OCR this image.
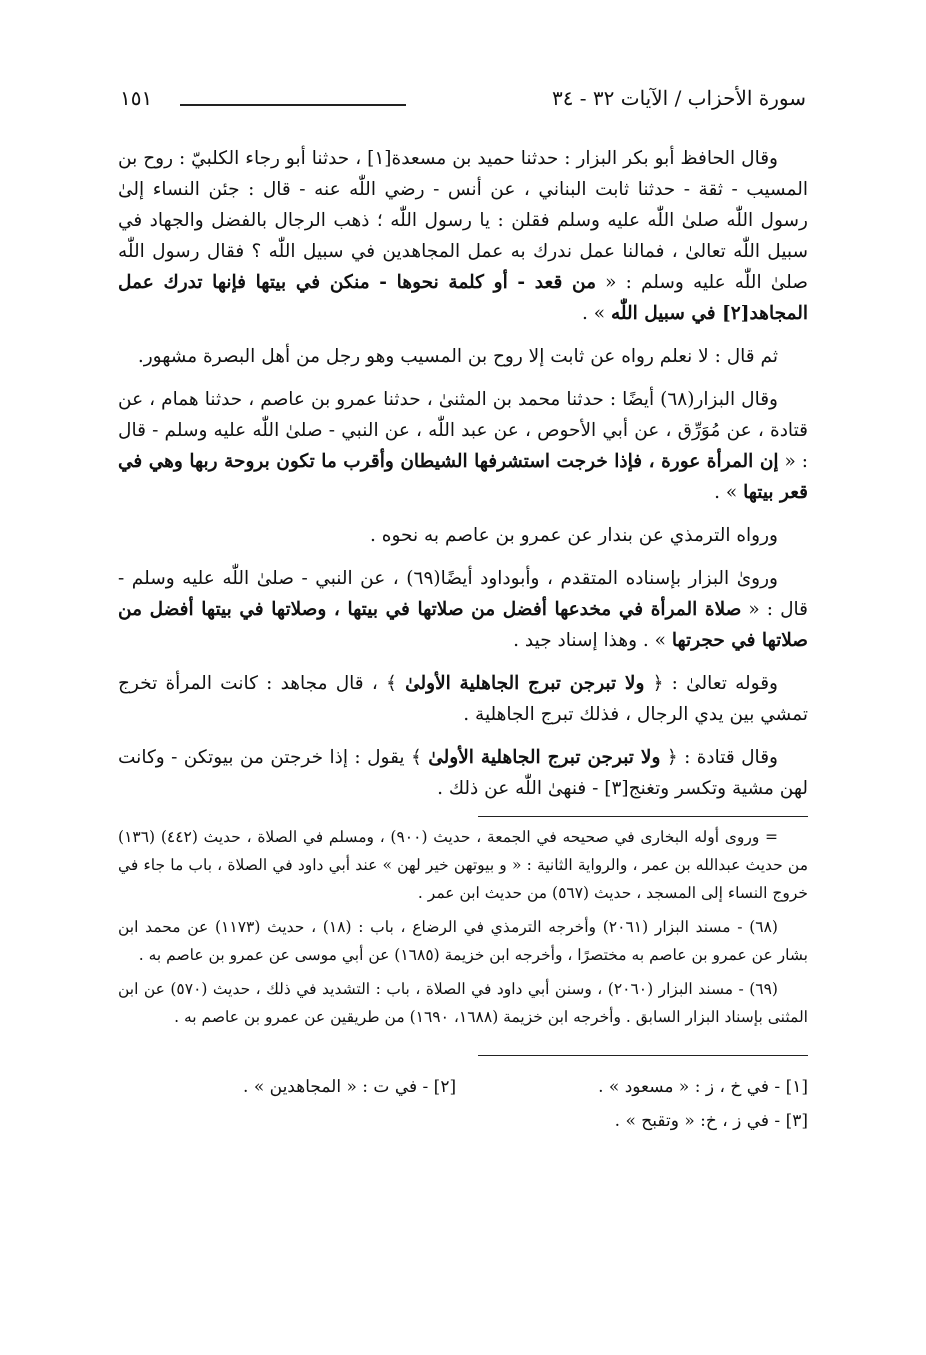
سورة الأحزاب / الآيات ٣٢ - ٣٤
١٥١

وقال الحافظ أبو بكر البزار : حدثنا حميد بن مسعدة[١] ، حدثنا أبو رجاء الكلبيّ : روح بن المسيب - ثقة - حدثنا ثابت البناني ، عن أنس - رضي اللّٰه عنه - قال : جئن النساء إلىٰ رسول اللّٰه صلىٰ اللّٰه عليه وسلم فقلن : يا رسول اللّٰه ؛ ذهب الرجال بالفضل والجهاد في سبيل اللّٰه تعالىٰ ، فمالنا عمل ندرك به عمل المجاهدين في سبيل اللّٰه ؟ فقال رسول اللّٰه صلىٰ اللّٰه عليه وسلم : « من قعد - أو كلمة نحوها - منكن في بيتها فإنها تدرك عمل المجاهد[٢] في سبيل اللّٰه » .

ثم قال : لا نعلم رواه عن ثابت إلا روح بن المسيب وهو رجل من أهل البصرة مشهور.

وقال البزار(٦٨) أيضًا : حدثنا محمد بن المثنىٰ ، حدثنا عمرو بن عاصم ، حدثنا همام ، عن قتادة ، عن مُوَرِّق ، عن أبي الأحوص ، عن عبد اللّٰه ، عن النبي - صلىٰ اللّٰه عليه وسلم - قال : « إن المرأة عورة ، فإذا خرجت استشرفها الشيطان وأقرب ما تكون بروحة ربها وهي في قعر بيتها » .

ورواه الترمذي عن بندار عن عمرو بن عاصم به نحوه .

وروىٰ البزار بإسناده المتقدم ، وأبوداود أيضًا(٦٩) ، عن النبي - صلىٰ اللّٰه عليه وسلم - قال : « صلاة المرأة في مخدعها أفضل من صلاتها في بيتها ، وصلاتها في بيتها أفضل من صلاتها في حجرتها » . وهذا إسناد جيد .

وقوله تعالىٰ : ﴿ ولا تبرجن تبرج الجاهلية الأولىٰ ﴾ ، قال مجاهد : كانت المرأة تخرج تمشي بين يدي الرجال ، فذلك تبرج الجاهلية .

وقال قتادة : ﴿ ولا تبرجن تبرج الجاهلية الأولىٰ ﴾ يقول : إذا خرجتن من بيوتكن - وكانت لهن مشية وتكسر وتغنج[٣] - فنهىٰ اللّٰه عن ذلك .

= وروى أوله البخارى في صحيحه في الجمعة ، حديث (٩٠٠) ، ومسلم في الصلاة ، حديث (٤٤٢) (١٣٦) من حديث عبدالله بن عمر ، والرواية الثانية : « و بيوتهن خير لهن » عند أبي داود في الصلاة ، باب ما جاء في خروج النساء إلى المسجد ، حديث (٥٦٧) من حديث ابن عمر .

(٦٨) - مسند البزار (٢٠٦١) وأخرجه الترمذي في الرضاع ، باب : (١٨) ، حديث (١١٧٣) عن محمد ابن بشار عن عمرو بن عاصم به مختصرًا ، وأخرجه ابن خزيمة (١٦٨٥) عن أبي موسى عن عمرو بن عاصم به .

(٦٩) - مسند البزار (٢٠٦٠) ، وسنن أبي داود في الصلاة ، باب : التشديد في ذلك ، حديث (٥٧٠) عن ابن المثنى بإسناد البزار السابق . وأخرجه ابن خزيمة (١٦٨٨، ١٦٩٠) من طريقين عن عمرو بن عاصم به .

[١] - في خ ، ز : « مسعود » .
[٢] - في ت : « المجاهدين » .
[٣] - في ز ، خ: « وتقبح » .
